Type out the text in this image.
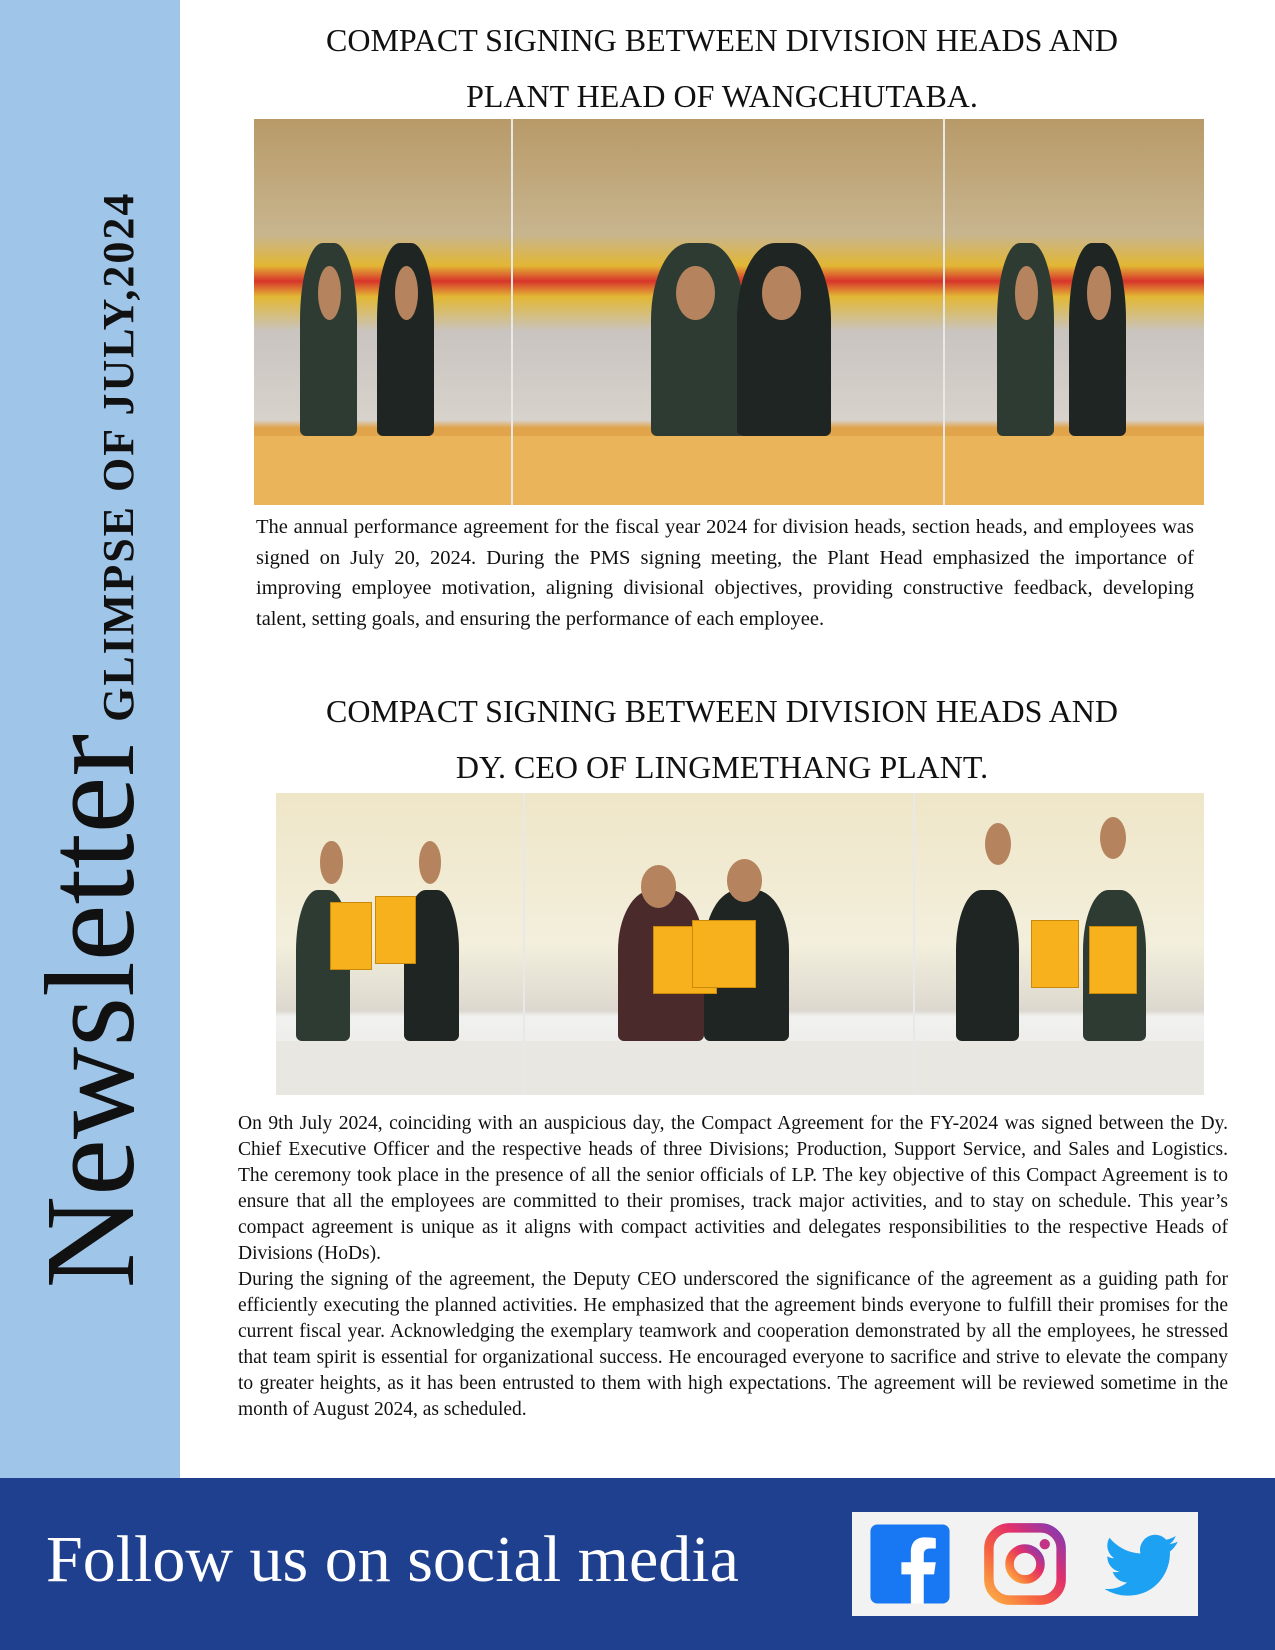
Newsletter
GLIMPSE OF JULY,2024
COMPACT SIGNING BETWEEN DIVISION HEADS AND
PLANT HEAD OF WANGCHUTABA.
The annual performance agreement for the fiscal year 2024 for division heads, section heads, and employees was signed on July 20, 2024. During the PMS signing meeting, the Plant Head emphasized the importance of improving employee motivation, aligning divisional objectives, providing constructive feedback, developing talent, setting goals, and ensuring the performance of each employee.
COMPACT SIGNING BETWEEN DIVISION HEADS AND
DY. CEO OF LINGMETHANG PLANT.
On 9th July 2024, coinciding with an auspicious day, the Compact Agreement for the FY-2024 was signed between the Dy. Chief Executive Officer and the respective heads of three Divisions; Production, Support Service, and Sales and Logistics. The ceremony took place in the presence of all the senior officials of LP. The key objective of this Compact Agreement is to ensure that all the employees are committed to their promises, track major activities, and to stay on schedule. This year’s compact agreement is unique as it aligns with compact activities and delegates responsibilities to the respective Heads of Divisions (HoDs).
During the signing of the agreement, the Deputy CEO underscored the significance of the agreement as a guiding path for efficiently executing the planned activities. He emphasized that the agreement binds everyone to fulfill their promises for the current fiscal year. Acknowledging the exemplary teamwork and cooperation demonstrated by all the employees, he stressed that team spirit is essential for organizational success. He encouraged everyone to sacrifice and strive to elevate the company to greater heights, as it has been entrusted to them with high expectations. The agreement will be reviewed sometime in the month of August 2024, as scheduled.
Follow us on social media
